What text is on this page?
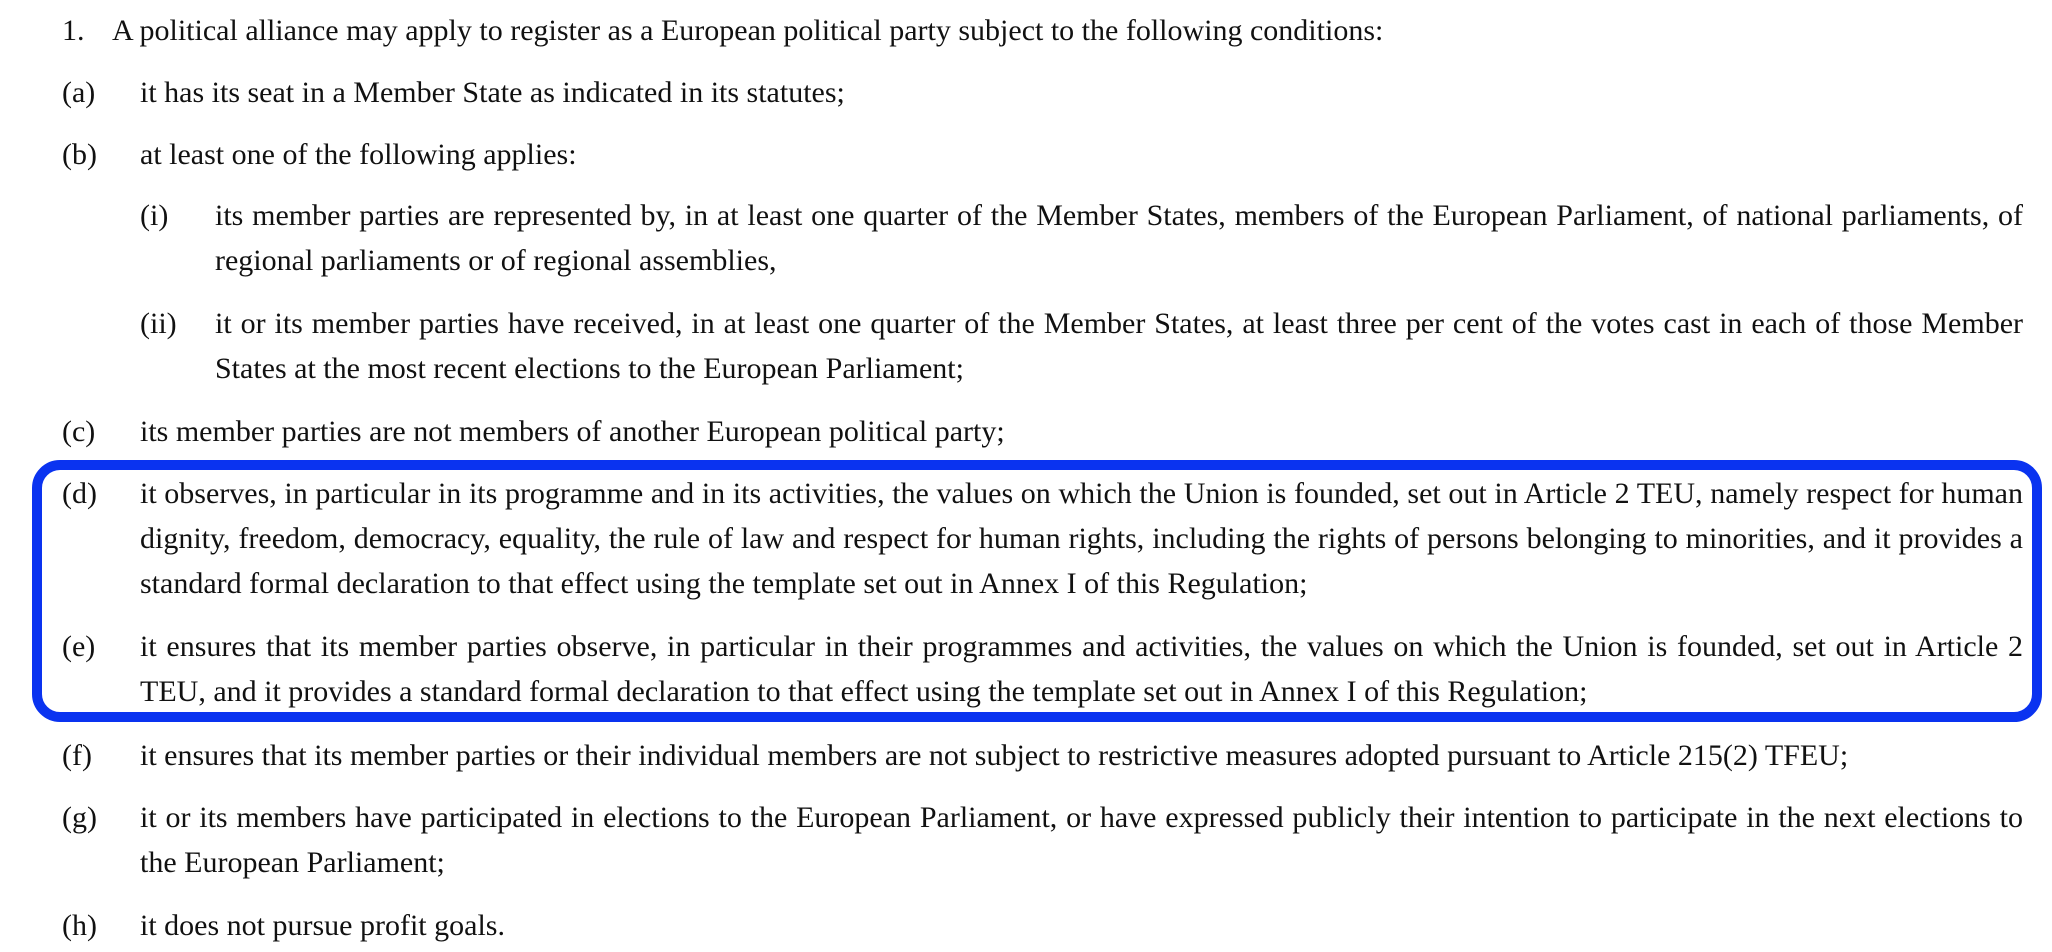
1. A political alliance may apply to register as a European political party subject to the following conditions:
(a) it has its seat in a Member State as indicated in its statutes;
(b) at least one of the following applies:
(i) its member parties are represented by, in at least one quarter of the Member States, members of the European Parliament, of national parliaments, of regional parliaments or of regional assemblies,
(ii) it or its member parties have received, in at least one quarter of the Member States, at least three per cent of the votes cast in each of those Member States at the most recent elections to the European Parliament;
(c) its member parties are not members of another European political party;
(d) it observes, in particular in its programme and in its activities, the values on which the Union is founded, set out in Article 2 TEU, namely respect for human dignity, freedom, democracy, equality, the rule of law and respect for human rights, including the rights of persons belonging to minorities, and it provides a standard formal declaration to that effect using the template set out in Annex I of this Regulation;
(e) it ensures that its member parties observe, in particular in their programmes and activities, the values on which the Union is founded, set out in Article 2 TEU, and it provides a standard formal declaration to that effect using the template set out in Annex I of this Regulation;
(f) it ensures that its member parties or their individual members are not subject to restrictive measures adopted pursuant to Article 215(2) TFEU;
(g) it or its members have participated in elections to the European Parliament, or have expressed publicly their intention to participate in the next elections to the European Parliament;
(h) it does not pursue profit goals.
